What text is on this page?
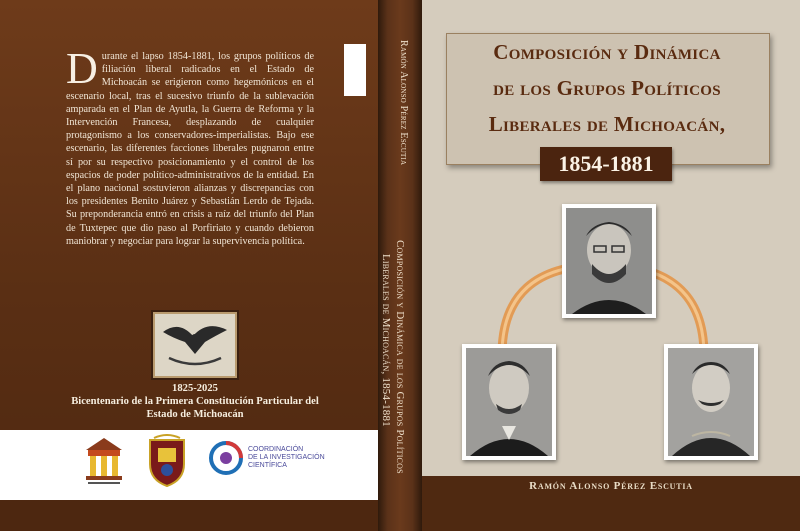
Durante el lapso 1854-1881, los grupos políticos de filiación liberal radicados en el Estado de Michoacán se erigieron como hegemónicos en el escenario local, tras el sucesivo triunfo de la sublevación amparada en el Plan de Ayutla, la Guerra de Reforma y la Intervención Francesa, desplazando de cualquier protagonismo a los conservadores-imperialistas. Bajo ese escenario, las diferentes facciones liberales pugnaron entre sí por su respectivo posicionamiento y el control de los espacios de poder político-administrativos de la entidad. En el plano nacional sostuvieron alianzas y discrepancias con los presidentes Benito Juárez y Sebastián Lerdo de Tejada. Su preponderancia entró en crisis a raíz del triunfo del Plan de Tuxtepec que dio paso al Porfiriato y cuando debieron maniobrar y negociar para lograr la supervivencia política.
1825-2025
Bicentenario de la Primera Constitución Particular del
Estado de Michoacán
COORDINACIÓN
DE LA INVESTIGACIÓN
CIENTÍFICA
Ramón Alonso Pérez Escutia
Composición y Dinámica de los Grupos Políticos
Liberales de Michoacán, 1854-1881
Composición y Dinámica
de los Grupos Políticos
Liberales de Michoacán,
1854-1881
Ramón Alonso Pérez Escutia
